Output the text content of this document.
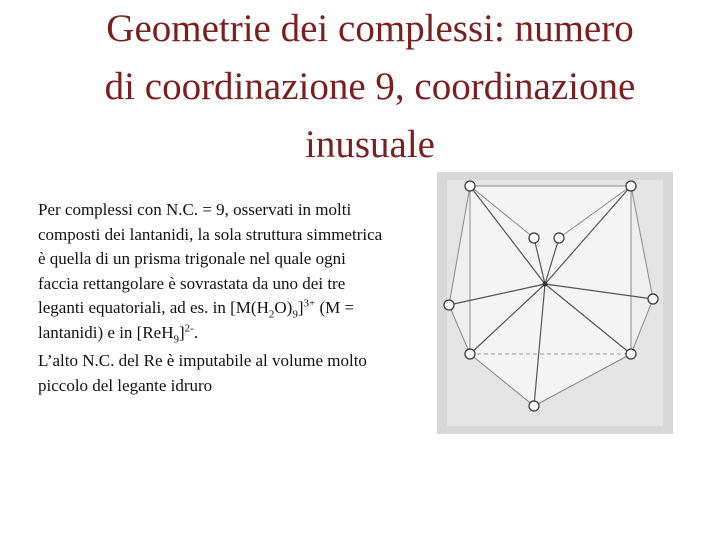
Geometrie dei complessi: numero
di coordinazione 9, coordinazione
inusuale

Per complessi con N.C. = 9, osservati in molti composti dei lantanidi, la sola struttura simmetrica è quella di un prisma trigonale nel quale ogni faccia rettangolare è sovrastata da uno dei tre leganti equatoriali, ad es. in $[M(H_2O)_9]^{3+}$ (M = lantanidi) e in $[ReH_9]^{2-}$.

L’alto N.C. del Re è imputabile al volume molto piccolo del legante idruro
